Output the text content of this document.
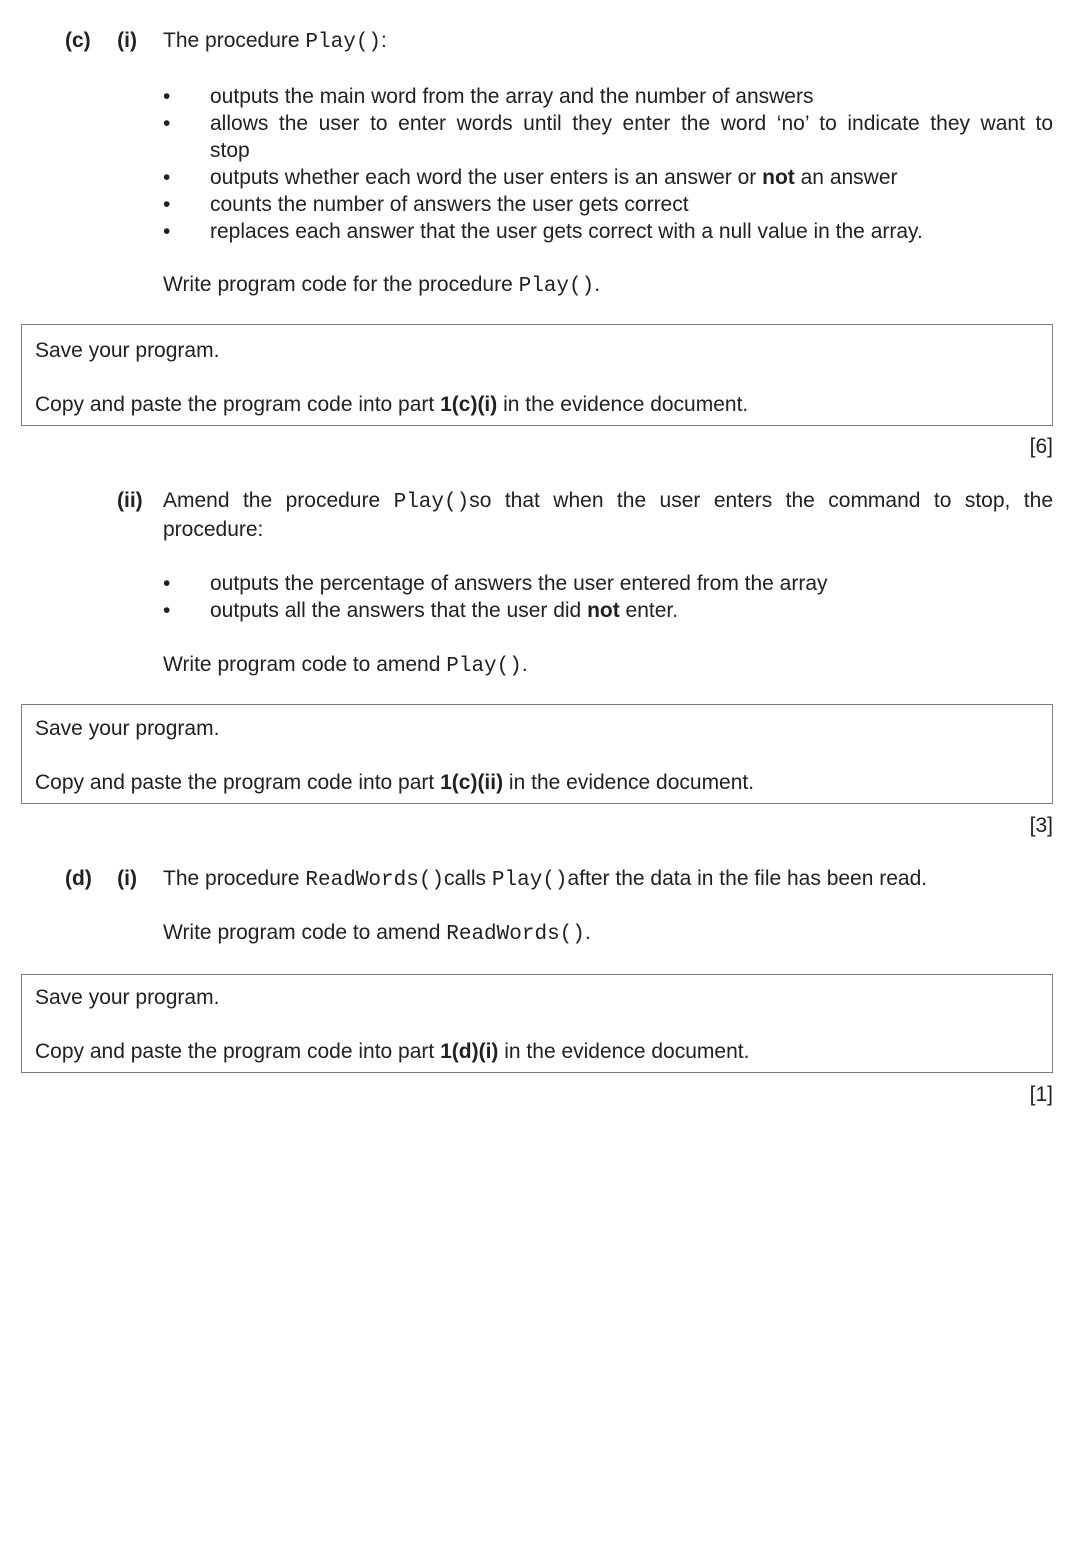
(c)	(i)	The procedure Play():
•	outputs the main word from the array and the number of answers
•	allows the user to enter words until they enter the word ‘no’ to indicate they want to
stop
•	outputs whether each word the user enters is an answer or not an answer
•	counts the number of answers the user gets correct
•	replaces each answer that the user gets correct with a null value in the array.
Write program code for the procedure Play().
Save your program.
Copy and paste the program code into part 1(c)(i) in the evidence document.
[6]
(ii) Amend the procedure Play()so that when the user enters the command to stop, the
procedure:
•	outputs the percentage of answers the user entered from the array
•	outputs all the answers that the user did not enter.
Write program code to amend Play().
Save your program.
Copy and paste the program code into part 1(c)(ii) in the evidence document.
[3]
(d)	(i)	The procedure ReadWords()calls Play()after the data in the file has been read.
Write program code to amend ReadWords().
Save your program.
Copy and paste the program code into part 1(d)(i) in the evidence document.
[1]
